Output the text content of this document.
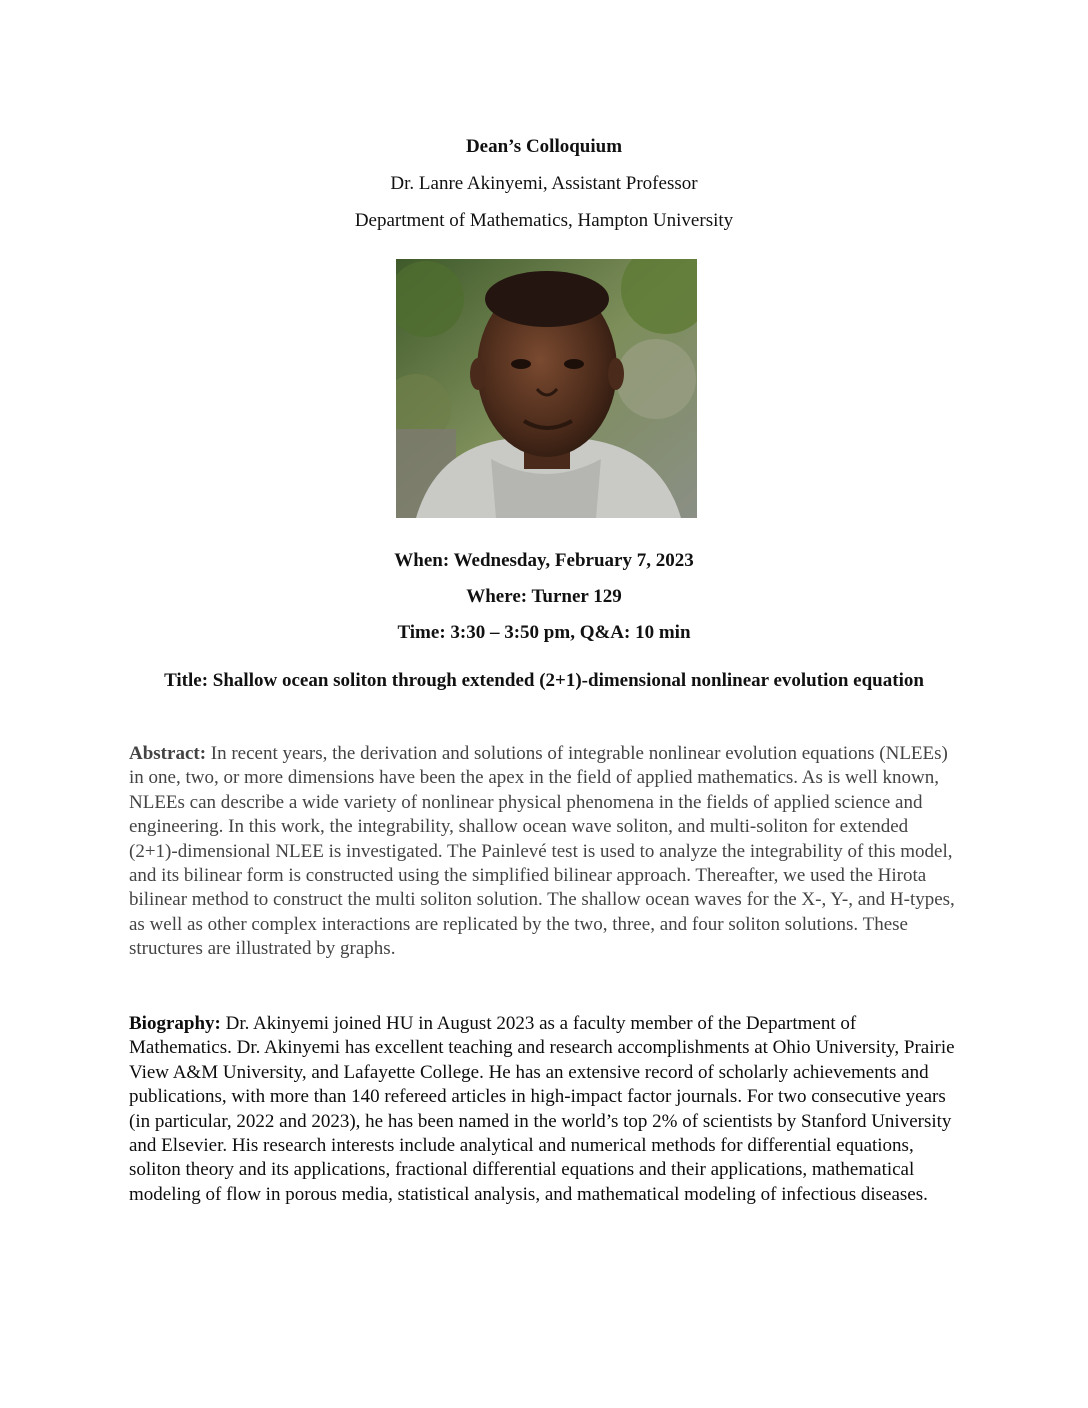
Dean’s Colloquium
Dr. Lanre Akinyemi, Assistant Professor
Department of Mathematics, Hampton University
When: Wednesday, February 7, 2023
Where: Turner 129
Time: 3:30 – 3:50 pm, Q&A: 10 min
Title: Shallow ocean soliton through extended (2+1)-dimensional nonlinear evolution equation
Abstract: In recent years, the derivation and solutions of integrable nonlinear evolution equations (NLEEs) in one, two, or more dimensions have been the apex in the field of applied mathematics. As is well known, NLEEs can describe a wide variety of nonlinear physical phenomena in the fields of applied science and engineering. In this work, the integrability, shallow ocean wave soliton, and multi-soliton for extended (2+1)-dimensional NLEE is investigated. The Painlevé test is used to analyze the integrability of this model, and its bilinear form is constructed using the simplified bilinear approach. Thereafter, we used the Hirota bilinear method to construct the multi soliton solution. The shallow ocean waves for the X-, Y-, and H-types, as well as other complex interactions are replicated by the two, three, and four soliton solutions. These structures are illustrated by graphs.
Biography: Dr. Akinyemi joined HU in August 2023 as a faculty member of the Department of Mathematics. Dr. Akinyemi has excellent teaching and research accomplishments at Ohio University, Prairie View A&M University, and Lafayette College. He has an extensive record of scholarly achievements and publications, with more than 140 refereed articles in high-impact factor journals. For two consecutive years (in particular, 2022 and 2023), he has been named in the world’s top 2% of scientists by Stanford University and Elsevier. His research interests include analytical and numerical methods for differential equations, soliton theory and its applications, fractional differential equations and their applications, mathematical modeling of flow in porous media, statistical analysis, and mathematical modeling of infectious diseases.
